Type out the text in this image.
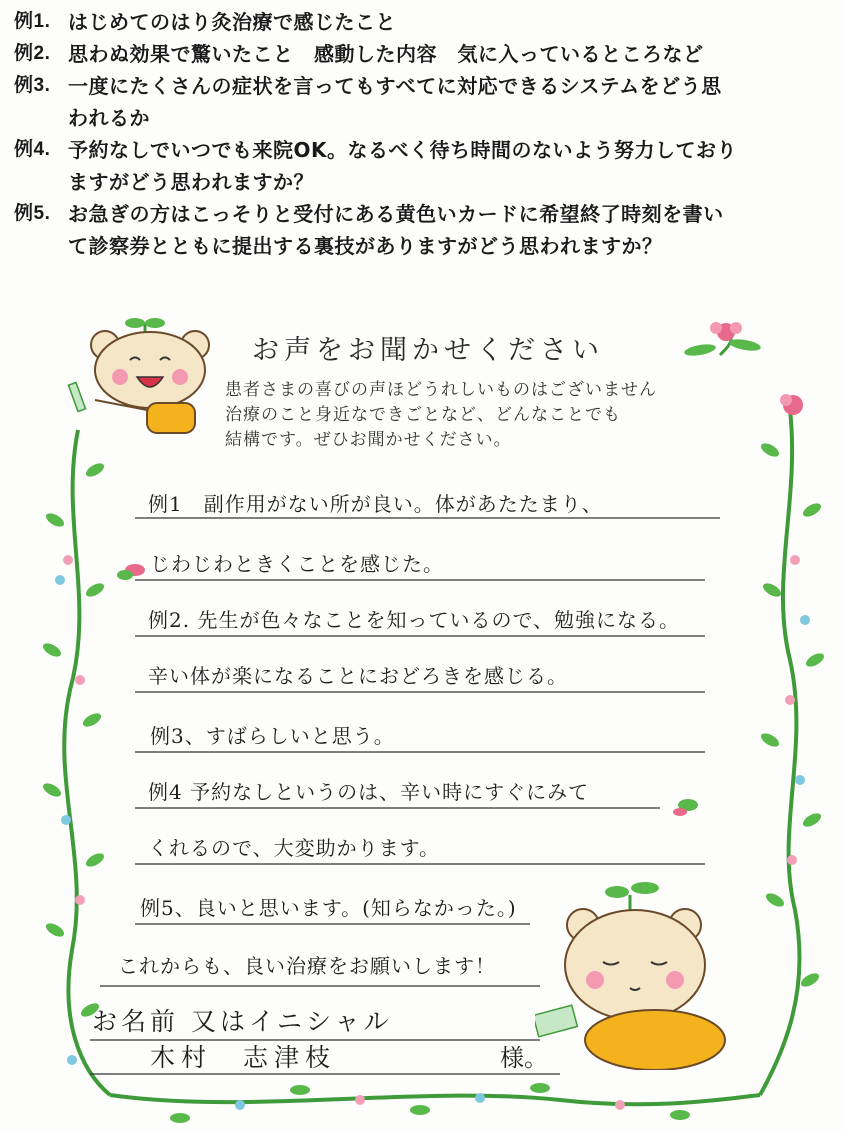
例1. はじめてのはり灸治療で感じたこと
例2. 思わぬ効果で驚いたこと　感動した内容　気に入っているところなど
例3. 一度にたくさんの症状を言ってもすべてに対応できるシステムをどう思
われるか
例4. 予約なしでいつでも来院OK。なるべく待ち時間のないよう努力しており
ますがどう思われますか？
例5. お急ぎの方はこっそりと受付にある黄色いカードに希望終了時刻を書い
て診察券とともに提出する裏技がありますがどう思われますか？
お声をお聞かせください
患者さまの喜びの声ほどうれしいものはございません
治療のこと身近なできごとなど、どんなことでも
結構です。ぜひお聞かせください。
例1　副作用がない所が良い。体があたたまり、
じわじわときくことを感じた。
例2. 先生が色々なことを知っているので、勉強になる。
辛い体が楽になることにおどろきを感じる。
例3、すばらしいと思う。
例4 予約なしというのは、辛い時にすぐにみて
くれるので、大変助かります。
例5、良いと思います。(知らなかった。)
これからも、良い治療をお願いします！
お名前 又はイニシャル
木村　志津枝	様。
